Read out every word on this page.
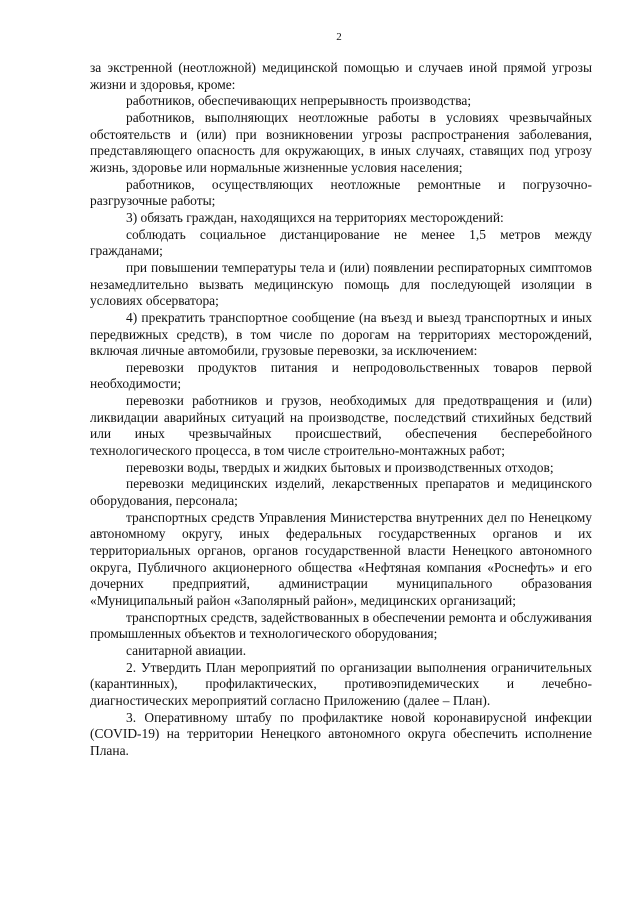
2

за экстренной (неотложной) медицинской помощью и случаев иной прямой угрозы жизни и здоровья, кроме:

работников, обеспечивающих непрерывность производства;

работников, выполняющих неотложные работы в условиях чрезвычайных обстоятельств и (или) при возникновении угрозы распространения заболевания, представляющего опасность для окружающих, в иных случаях, ставящих под угрозу жизнь, здоровье или нормальные жизненные условия населения;

работников, осуществляющих неотложные ремонтные и погрузочно-разгрузочные работы;

3) обязать граждан, находящихся на территориях месторождений:

соблюдать социальное дистанцирование не менее 1,5 метров между гражданами;

при повышении температуры тела и (или) появлении респираторных симптомов незамедлительно вызвать медицинскую помощь для последующей изоляции в условиях обсерватора;

4) прекратить транспортное сообщение (на въезд и выезд транспортных и иных передвижных средств), в том числе по дорогам на территориях месторождений, включая личные автомобили, грузовые перевозки, за исключением:

перевозки продуктов питания и непродовольственных товаров первой необходимости;

перевозки работников и грузов, необходимых для предотвращения и (или) ликвидации аварийных ситуаций на производстве, последствий стихийных бедствий или иных чрезвычайных происшествий, обеспечения бесперебойного технологического процесса, в том числе строительно-монтажных работ;

перевозки воды, твердых и жидких бытовых и производственных отходов;

перевозки медицинских изделий, лекарственных препаратов и медицинского оборудования, персонала;

транспортных средств Управления Министерства внутренних дел по Ненецкому автономному округу, иных федеральных государственных органов и их территориальных органов, органов государственной власти Ненецкого автономного округа, Публичного акционерного общества «Нефтяная компания «Роснефть» и его дочерних предприятий, администрации муниципального образования «Муниципальный район «Заполярный район», медицинских организаций;

транспортных средств, задействованных в обеспечении ремонта и обслуживания промышленных объектов и технологического оборудования;

санитарной авиации.

2. Утвердить План мероприятий по организации выполнения ограничительных (карантинных), профилактических, противоэпидемических и лечебно-диагностических мероприятий согласно Приложению (далее – План).

3. Оперативному штабу по профилактике новой коронавирусной инфекции (COVID-19) на территории Ненецкого автономного округа обеспечить исполнение Плана.
